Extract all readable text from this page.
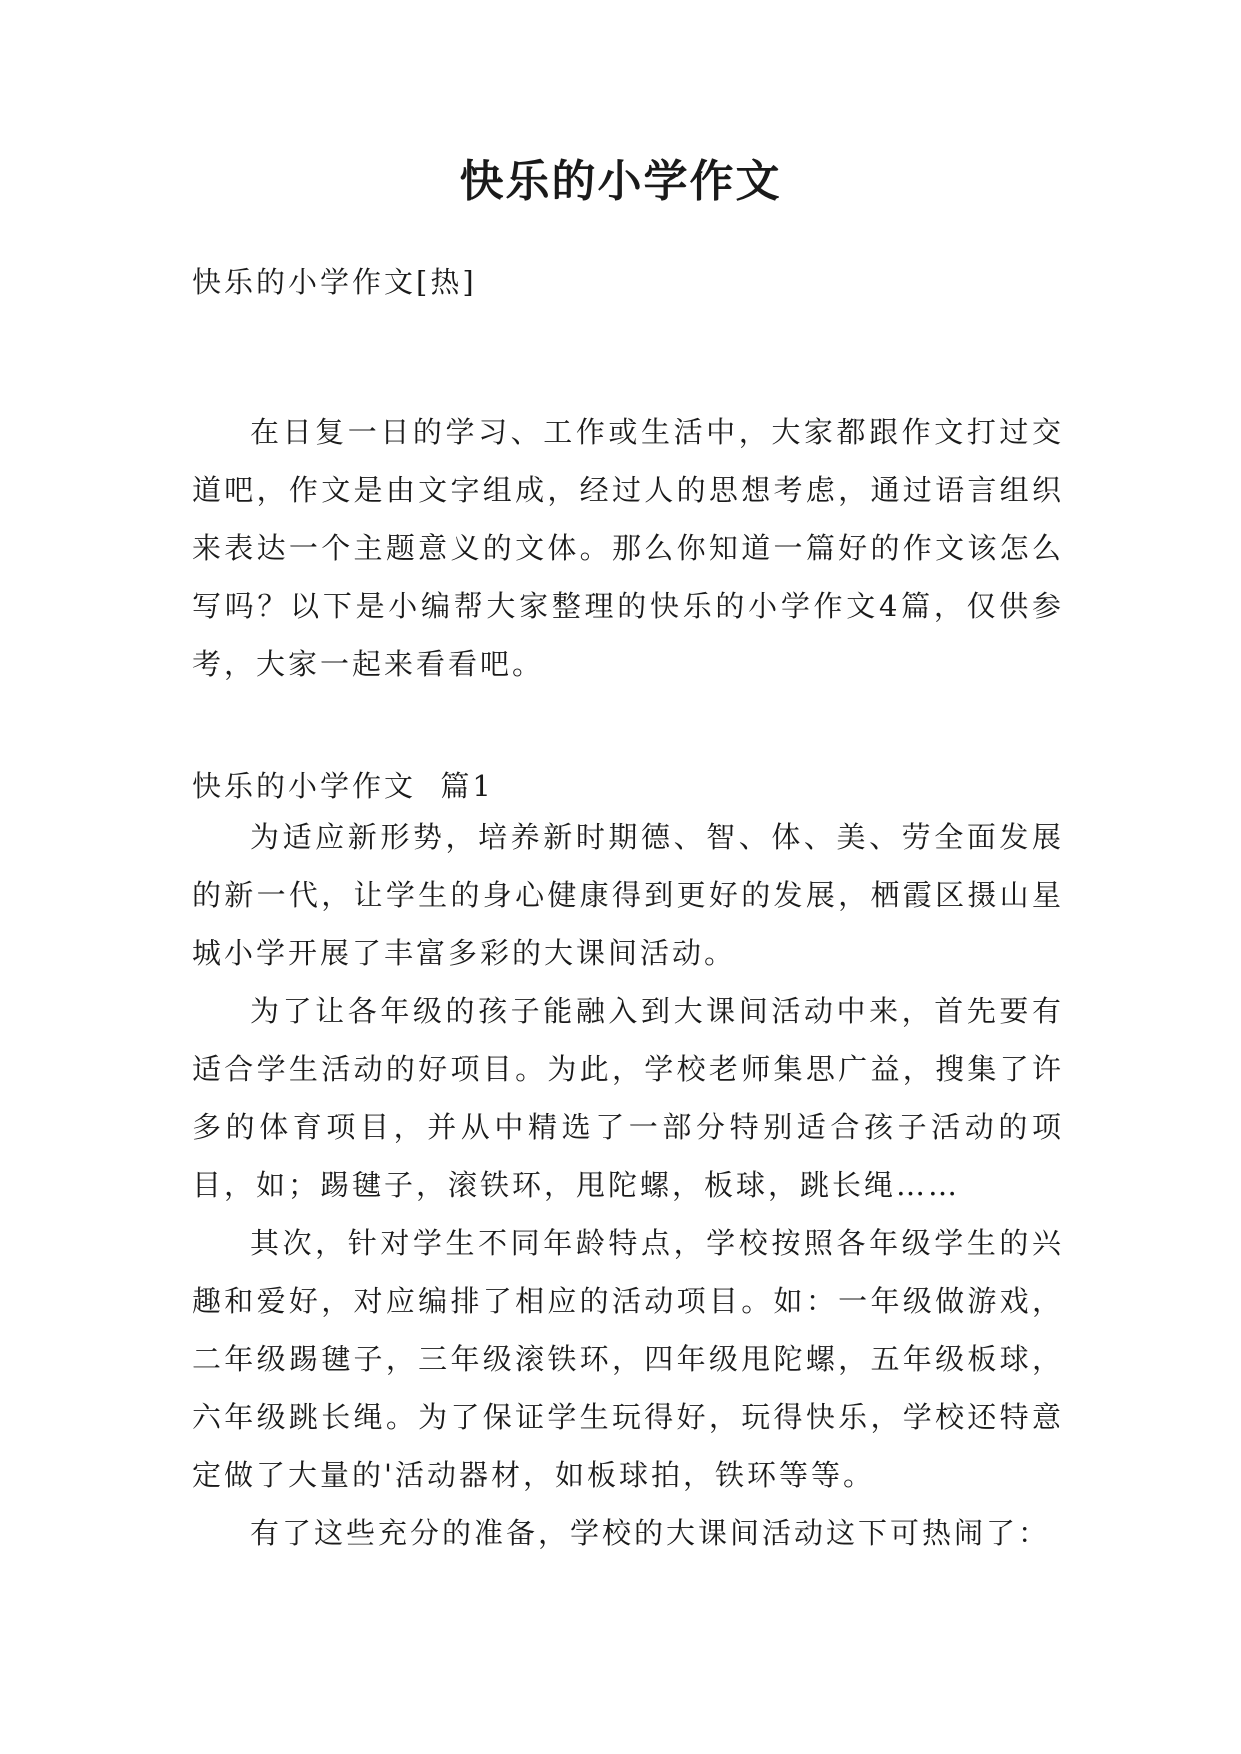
快乐的小学作文

快乐的小学作文[热]

在日复一日的学习、工作或生活中，大家都跟作文打过交道吧，作文是由文字组成，经过人的思想考虑，通过语言组织来表达一个主题意义的文体。那么你知道一篇好的作文该怎么写吗？以下是小编帮大家整理的快乐的小学作文4篇，仅供参考，大家一起来看看吧。

快乐的小学作文  篇1

为适应新形势，培养新时期德、智、体、美、劳全面发展的新一代，让学生的身心健康得到更好的发展，栖霞区摄山星城小学开展了丰富多彩的大课间活动。

为了让各年级的孩子能融入到大课间活动中来，首先要有适合学生活动的好项目。为此，学校老师集思广益，搜集了许多的体育项目，并从中精选了一部分特别适合孩子活动的项目，如；踢毽子，滚铁环，甩陀螺，板球，跳长绳……

其次，针对学生不同年龄特点，学校按照各年级学生的兴趣和爱好，对应编排了相应的活动项目。如：一年级做游戏，二年级踢毽子，三年级滚铁环，四年级甩陀螺，五年级板球，六年级跳长绳。为了保证学生玩得好，玩得快乐，学校还特意定做了大量的'活动器材，如板球拍，铁环等等。

有了这些充分的准备，学校的大课间活动这下可热闹了：
